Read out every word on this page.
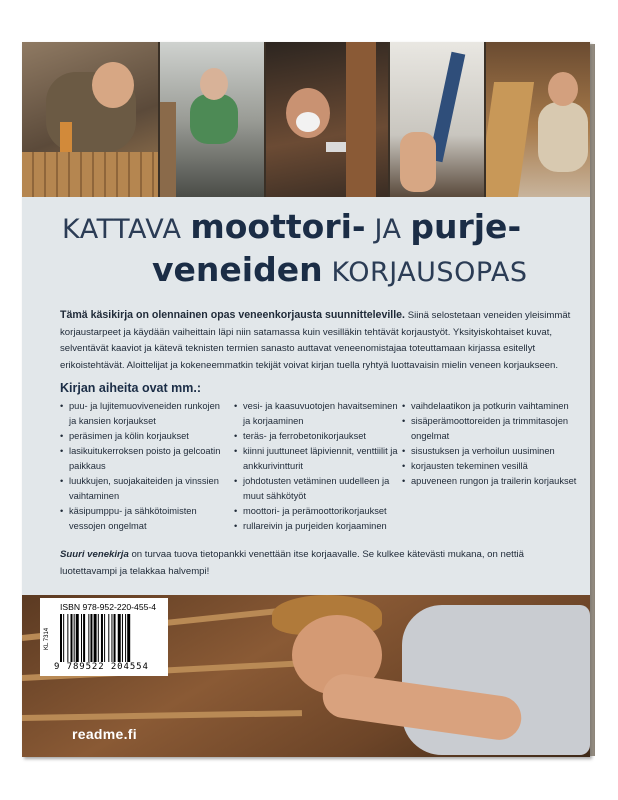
KATTAVA moottori- JA purje-
veneiden KORJAUSOPAS

Tämä käsikirja on olennainen opas veneenkorjausta suunnitteleville. Siinä selostetaan veneiden yleisimmät korjaustarpeet ja käydään vaiheittain läpi niin satamassa kuin vesilläkin tehtävät korjaustyöt. Yksityiskohtaiset kuvat, selventävät kaaviot ja kätevä teknisten termien sanasto auttavat veneenomistajaa toteuttamaan kirjassa esitellyt erikoistehtävät. Aloittelijat ja kokeneemmatkin tekijät voivat kirjan tuella ryhtyä luottavaisin mielin veneen korjaukseen.

Kirjan aiheita ovat mm.:
• puu- ja lujitemuoviveneiden runkojen ja kansien korjaukset
• peräsimen ja kölin korjaukset
• lasikuitukerroksen poisto ja gelcoatin paikkaus
• luukkujen, suojakaiteiden ja vinssien vaihtaminen
• käsipumppu- ja sähkötoimisten vessojen ongelmat
• vesi- ja kaasuvuotojen havaitseminen ja korjaaminen
• teräs- ja ferrobetonikorjaukset
• kiinni juuttuneet läpiviennit, venttiilit ja ankkurivintturit
• johdotusten vetäminen uudelleen ja muut sähkötyöt
• moottori- ja perämoottorikorjaukset
• rullareivin ja purjeiden korjaaminen
• vaihdelaatikon ja potkurin vaihtaminen
• sisäperämoottoreiden ja trimmitasojen ongelmat
• sisustuksen ja verhoilun uusiminen
• korjausten tekeminen vesillä
• apuveneen rungon ja trailerin korjaukset

Suuri venekirja on turvaa tuova tietopankki venettään itse korjaavalle. Se kulkee kätevästi mukana, on nettiä luotettavampi ja telakkaa halvempi!

readme.fi
KL 7314
ISBN 978-952-220-455-4
9 789522 204554
